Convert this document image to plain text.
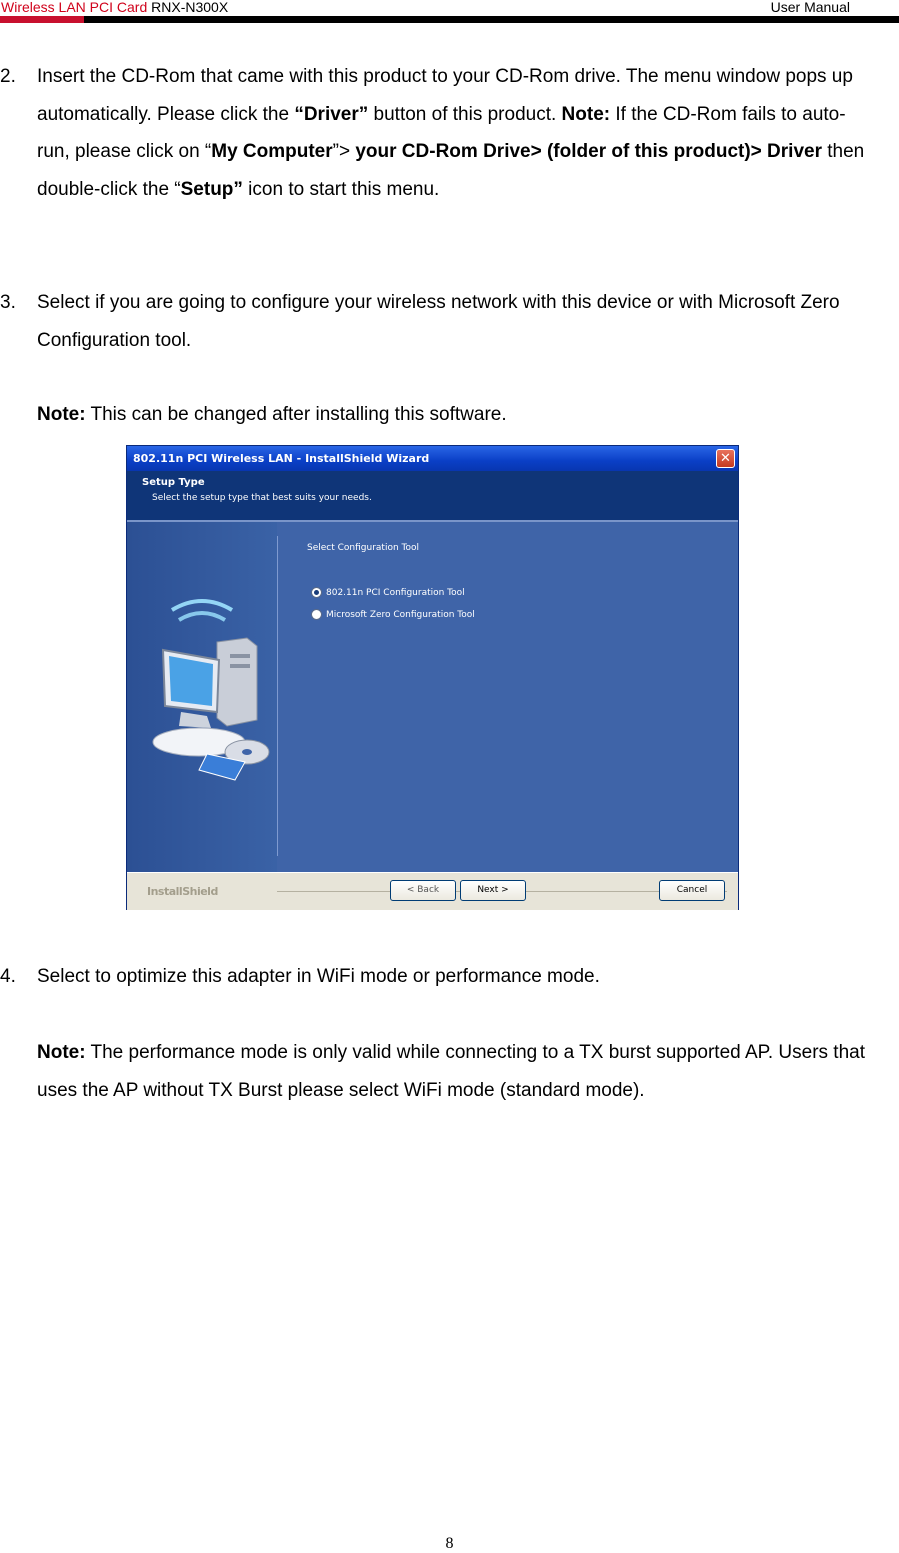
Wireless LAN PCI Card RNX-N300X	User Manual
2. Insert the CD-Rom that came with this product to your CD-Rom drive. The menu window pops up automatically. Please click the “Driver” button of this product. Note: If the CD-Rom fails to auto-run, please click on “My Computer”> your CD-Rom Drive> (folder of this product)> Driver then double-click the “Setup” icon to start this menu.
3. Select if you are going to configure your wireless network with this device or with Microsoft Zero Configuration tool.
Note: This can be changed after installing this software.
802.11n PCI Wireless LAN - InstallShield Wizard	✕
Setup Type
Select the setup type that best suits your needs.
Select Configuration Tool
802.11n PCI Configuration Tool
Microsoft Zero Configuration Tool
InstallShield	< Back	Next >	Cancel
4. Select to optimize this adapter in WiFi mode or performance mode.
Note: The performance mode is only valid while connecting to a TX burst supported AP. Users that uses the AP without TX Burst please select WiFi mode (standard mode).
8
